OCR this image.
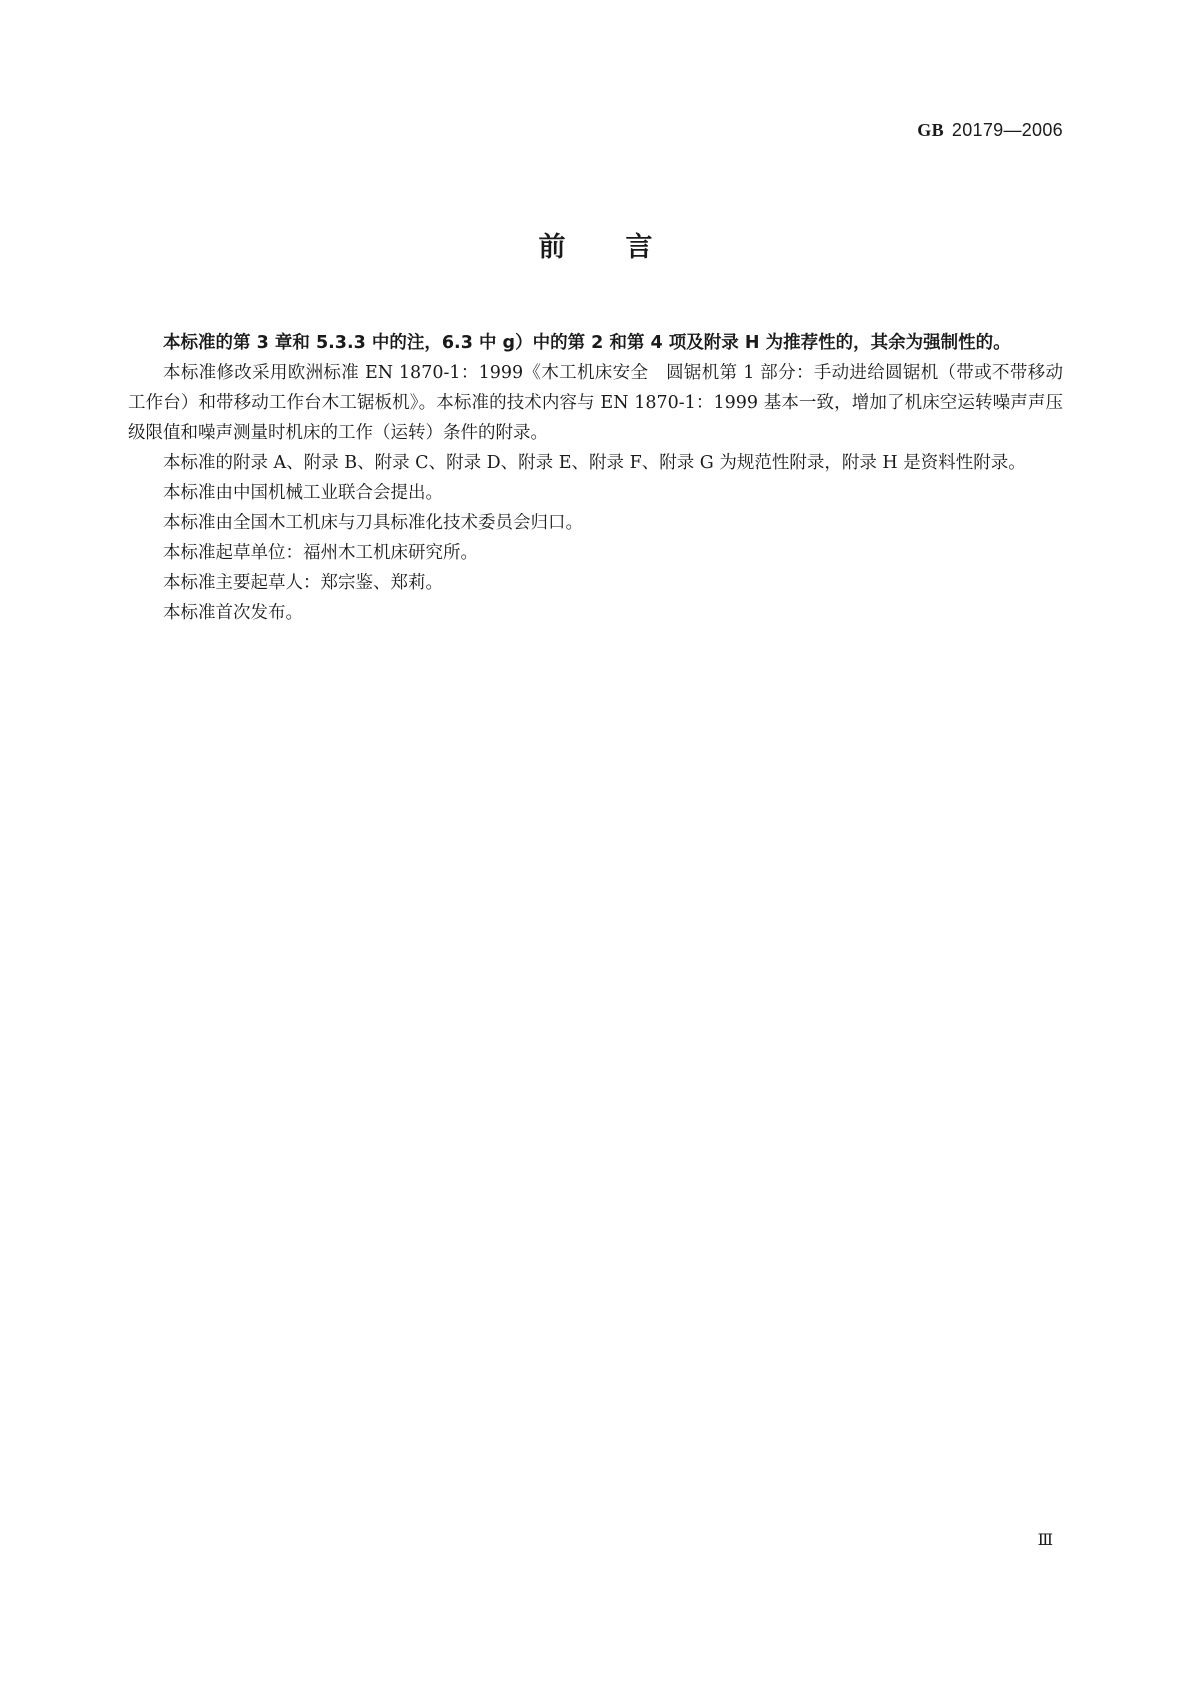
GB 20179—2006
前言

本标准的第 3 章和 5.3.3 中的注，6.3 中 g）中的第 2 和第 4 项及附录 H 为推荐性的，其余为强制性的。

本标准修改采用欧洲标准 EN 1870-1：1999《木工机床安全　圆锯机第 1 部分：手动进给圆锯机（带或不带移动工作台）和带移动工作台木工锯板机》。本标准的技术内容与 EN 1870-1：1999 基本一致，增加了机床空运转噪声声压级限值和噪声测量时机床的工作（运转）条件的附录。

本标准的附录 A、附录 B、附录 C、附录 D、附录 E、附录 F、附录 G 为规范性附录，附录 H 是资料性附录。

本标准由中国机械工业联合会提出。

本标准由全国木工机床与刀具标准化技术委员会归口。

本标准起草单位：福州木工机床研究所。

本标准主要起草人：郑宗鉴、郑莉。

本标准首次发布。

Ⅲ
